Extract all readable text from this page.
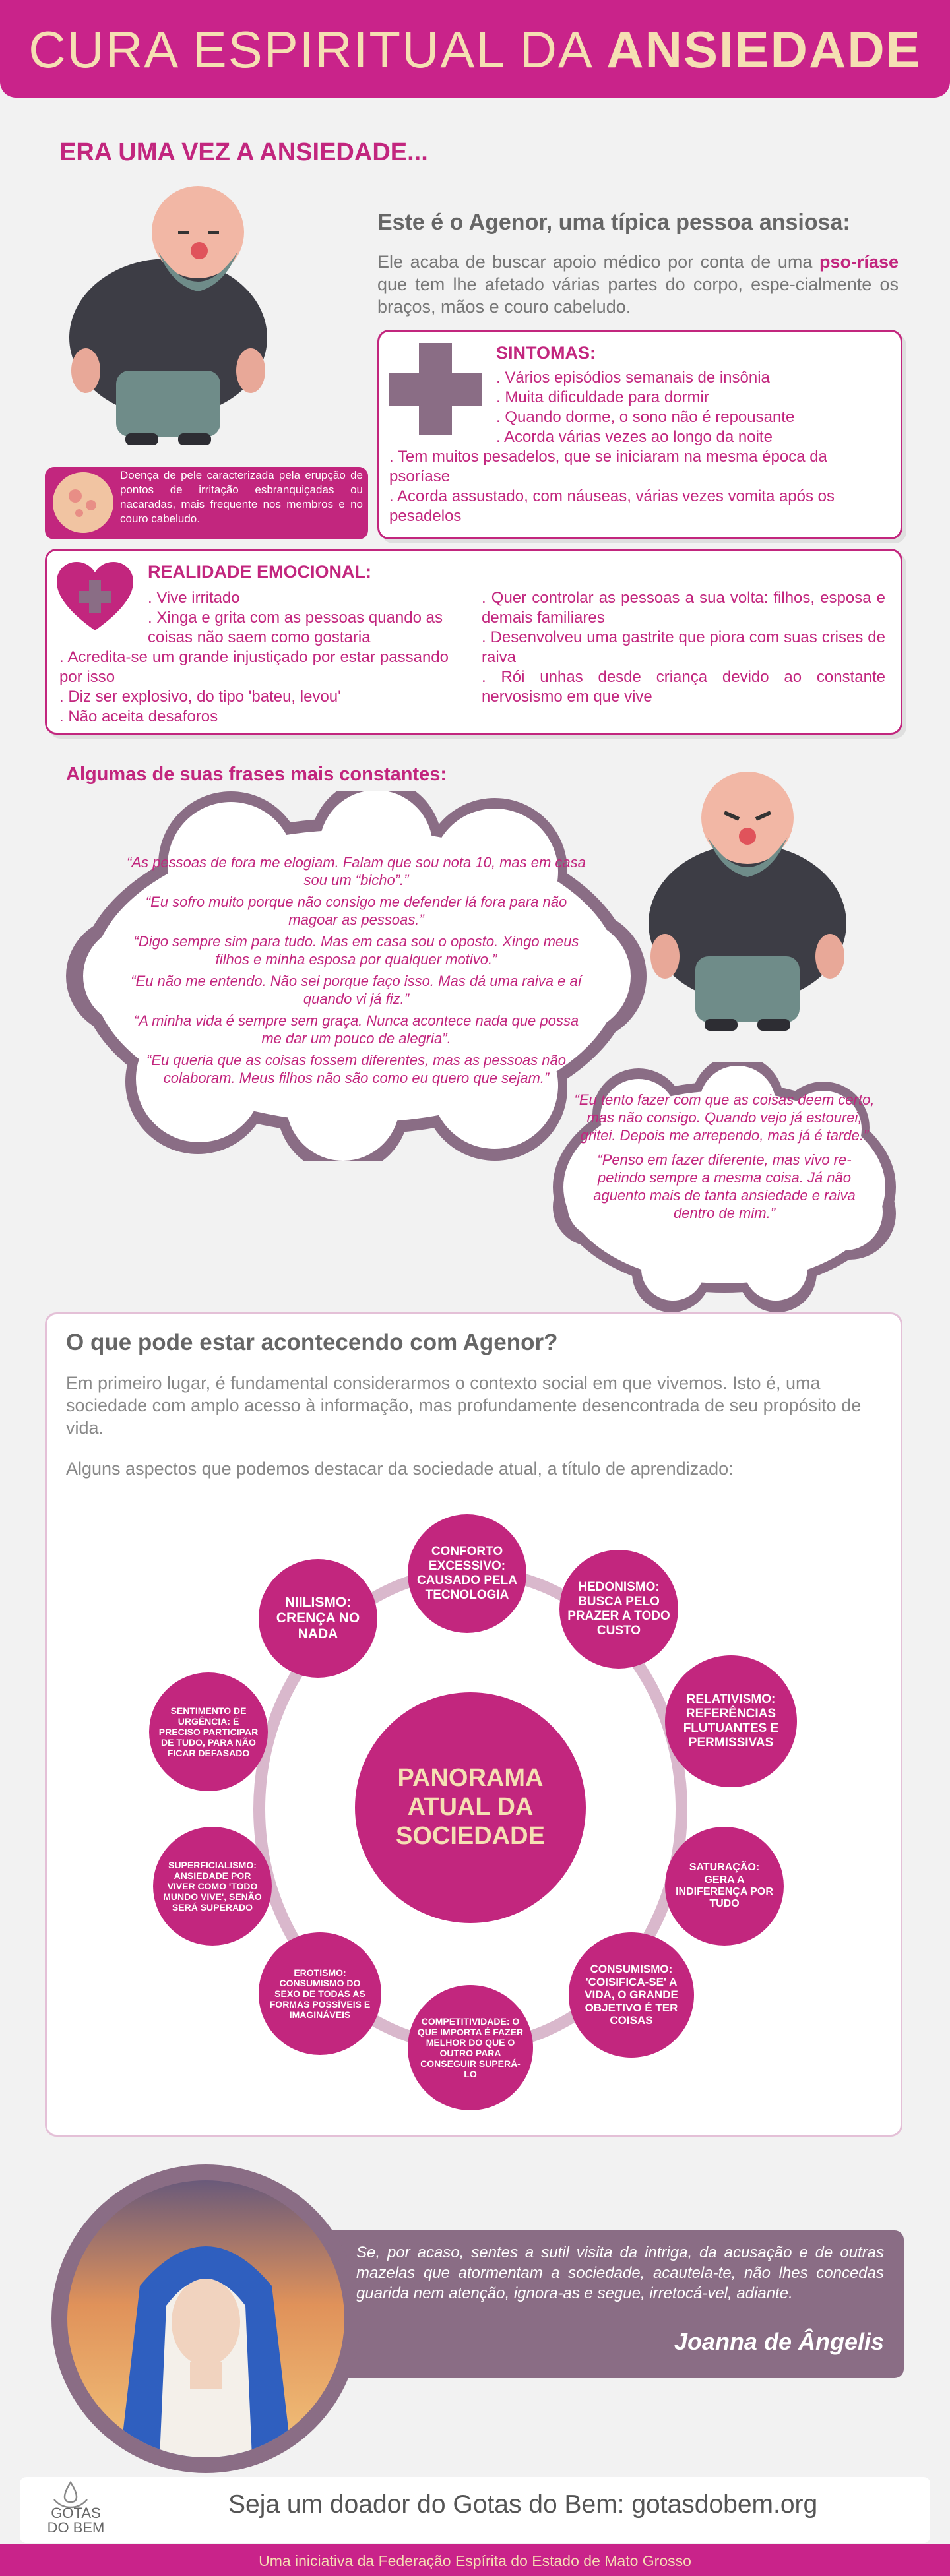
CURA ESPIRITUAL DA ANSIEDADE
ERA UMA VEZ A ANSIEDADE...
Este é o Agenor, uma típica pessoa ansiosa:
Ele acaba de buscar apoio médico por conta de uma pso-ríase que tem lhe afetado várias partes do corpo, espe-cialmente os braços, mãos e couro cabeludo.
Doença de pele caracterizada pela erupção de pontos de irritação esbranquiçadas ou nacaradas, mais frequente nos membros e no couro cabeludo.
SINTOMAS:
. Vários episódios semanais de insônia
. Muita dificuldade para dormir
. Quando dorme, o sono não é repousante
. Acorda várias vezes ao longo da noite
. Tem muitos pesadelos, que se iniciaram na mesma época da psoríase
. Acorda assustado, com náuseas, várias vezes vomita após os pesadelos
REALIDADE EMOCIONAL:
. Vive irritado
. Xinga e grita com as pessoas quando as coisas não saem como gostaria
. Acredita-se um grande injustiçado por estar passando por isso
. Diz ser explosivo, do tipo 'bateu, levou'
. Não aceita desaforos
. Quer controlar as pessoas a sua volta: filhos, esposa e demais familiares
. Desenvolveu uma gastrite que piora com suas crises de raiva
. Rói unhas desde criança devido ao constante nervosismo em que vive
Algumas de suas frases mais constantes:

“As pessoas de fora me elogiam. Falam que sou nota 10, mas em casa sou um “bicho”.”

“Eu sofro muito porque não consigo me defender lá fora para não magoar as pessoas.”

“Digo sempre sim para tudo. Mas em casa sou o oposto. Xingo meus filhos e minha esposa por qualquer motivo.”

“Eu não me entendo. Não sei porque faço isso. Mas dá uma raiva e aí quando vi já fiz.”

“A minha vida é sempre sem graça. Nunca acontece nada que possa me dar um pouco de alegria”.

“Eu queria que as coisas fossem diferentes, mas as pessoas não colaboram. Meus filhos não são como eu quero que sejam.”

“Eu tento fazer com que as coisas deem certo, mas não consigo. Quando vejo já estourei, gritei. Depois me arrependo, mas já é tarde.”

“Penso em fazer diferente, mas vivo re-petindo sempre a mesma coisa. Já não aguento mais de tanta ansiedade e raiva dentro de mim.”

O que pode estar acontecendo com Agenor?
Em primeiro lugar, é fundamental considerarmos o contexto social em que vivemos. Isto é, uma sociedade com amplo acesso à informação, mas profundamente desencontrada de seu propósito de vida.
Alguns aspectos que podemos destacar da sociedade atual, a título de aprendizado:
PANORAMA ATUAL DA SOCIEDADE
CONFORTO EXCESSIVO: CAUSADO PELA TECNOLOGIA
HEDONISMO: BUSCA PELO PRAZER A TODO CUSTO
RELATIVISMO: REFERÊNCIAS FLUTUANTES E PERMISSIVAS
SATURAÇÃO: GERA A INDIFERENÇA POR TUDO
CONSUMISMO: 'COISIFICA-SE' A VIDA, O GRANDE OBJETIVO É TER COISAS
COMPETITIVIDADE: O QUE IMPORTA É FAZER MELHOR DO QUE O OUTRO PARA CONSEGUIR SUPERÁ-LO
EROTISMO: CONSUMISMO DO SEXO DE TODAS AS FORMAS POSSÍVEIS E IMAGINÁVEIS
SUPERFICIALISMO: ANSIEDADE POR VIVER COMO 'TODO MUNDO VIVE', SENÃO SERÁ SUPERADO
SENTIMENTO DE URGÊNCIA: É PRECISO PARTICIPAR DE TUDO, PARA NÃO FICAR DEFASADO
NIILISMO: CRENÇA NO NADA
Se, por acaso, sentes a sutil visita da intriga, da acusação e de outras mazelas que atormentam a sociedade, acautela-te, não lhes concedas guarida nem atenção, ignora-as e segue, irretocá-vel, adiante.
Joanna de Ângelis
GOTAS DO BEM
Seja um doador do Gotas do Bem: gotasdobem.org
Uma iniciativa da Federação Espírita do Estado de Mato Grosso
